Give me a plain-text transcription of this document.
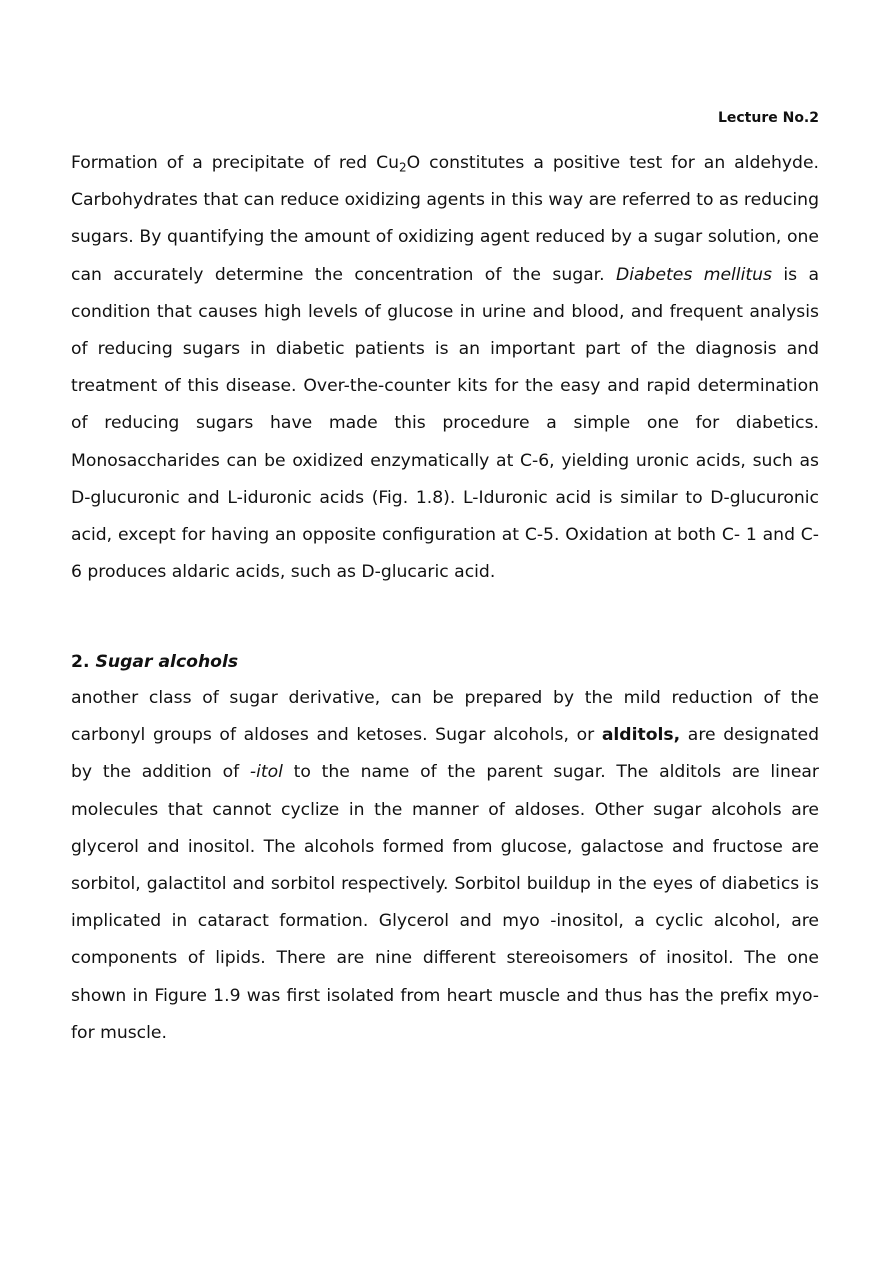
Lecture No.2

Formation of a precipitate of red $Cu_2O$ constitutes a positive test for an aldehyde. Carbohydrates that can reduce oxidizing agents in this way are referred to as reducing sugars. By quantifying the amount of oxidizing agent reduced by a sugar solution, one can accurately determine the concentration of the sugar. Diabetes mellitus is a condition that causes high levels of glucose in urine and blood, and frequent analysis of reducing sugars in diabetic patients is an important part of the diagnosis and treatment of this disease. Over-the-counter kits for the easy and rapid determination of reducing sugars have made this procedure a simple one for diabetics. Monosaccharides can be oxidized enzymatically at C-6, yielding uronic acids, such as D-glucuronic and L-iduronic acids (Fig. 1.8). L-Iduronic acid is similar to D-glucuronic acid, except for having an opposite configuration at C-5. Oxidation at both C- 1 and C-6 produces aldaric acids, such as D-glucaric acid.

2. Sugar alcohols

another class of sugar derivative, can be prepared by the mild reduction of the carbonyl groups of aldoses and ketoses. Sugar alcohols, or alditols, are designated by the addition of -itol to the name of the parent sugar. The alditols are linear molecules that cannot cyclize in the manner of aldoses. Other sugar alcohols are glycerol and inositol. The alcohols formed from glucose, galactose and fructose are sorbitol, galactitol and sorbitol respectively. Sorbitol buildup in the eyes of diabetics is implicated in cataract formation. Glycerol and myo -inositol, a cyclic alcohol, are components of lipids. There are nine different stereoisomers of inositol. The one shown in Figure 1.9 was first isolated from heart muscle and thus has the prefix myo- for muscle.
